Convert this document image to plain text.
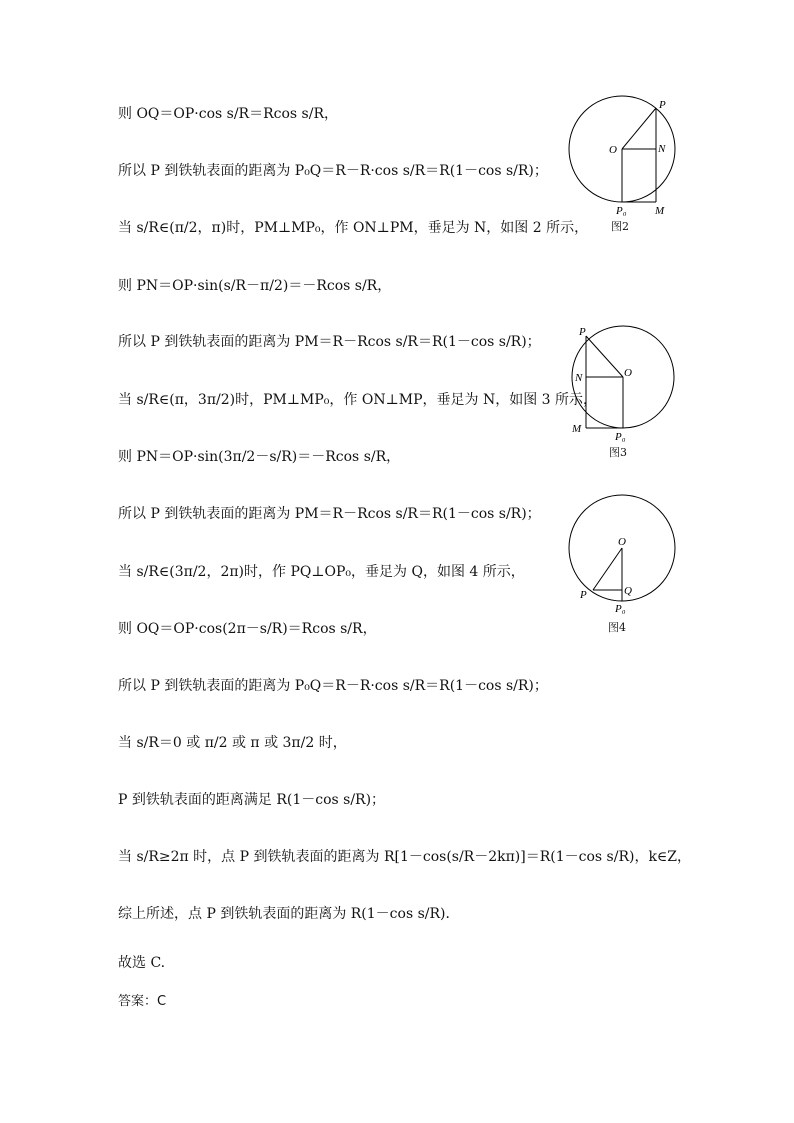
则 OQ＝OP·cos s/R＝Rcos s/R，
所以 P 到铁轨表面的距离为 P₀Q＝R－R·cos s/R＝R(1－cos s/R)；
当 s/R∈(π/2，π)时，PM⊥MP₀，作 ON⊥PM，垂足为 N，如图 2 所示，
则 PN＝OP·sin(s/R－π/2)＝－Rcos s/R，
所以 P 到铁轨表面的距离为 PM＝R－Rcos s/R＝R(1－cos s/R)；
当 s/R∈(π，3π/2)时，PM⊥MP₀，作 ON⊥MP，垂足为 N，如图 3 所示，
则 PN＝OP·sin(3π/2－s/R)＝－Rcos s/R，
所以 P 到铁轨表面的距离为 PM＝R－Rcos s/R＝R(1－cos s/R)；
当 s/R∈(3π/2，2π)时，作 PQ⊥OP₀，垂足为 Q，如图 4 所示，
则 OQ＝OP·cos(2π－s/R)＝Rcos s/R，
所以 P 到铁轨表面的距离为 P₀Q＝R－R·cos s/R＝R(1－cos s/R)；
当 s/R＝0 或 π/2 或 π 或 3π/2 时，
P 到铁轨表面的距离满足 R(1－cos s/R)；
当 s/R≥2π 时，点 P 到铁轨表面的距离为 R[1－cos(s/R－2kπ)]＝R(1－cos s/R)，k∈Z，
综上所述，点 P 到铁轨表面的距离为 R(1－cos s/R)．
故选 C.
答案：C
P
O	N
P₀	M
图2
P
O
N
P₀
M
图3
O
P	Q
P₀
图4
